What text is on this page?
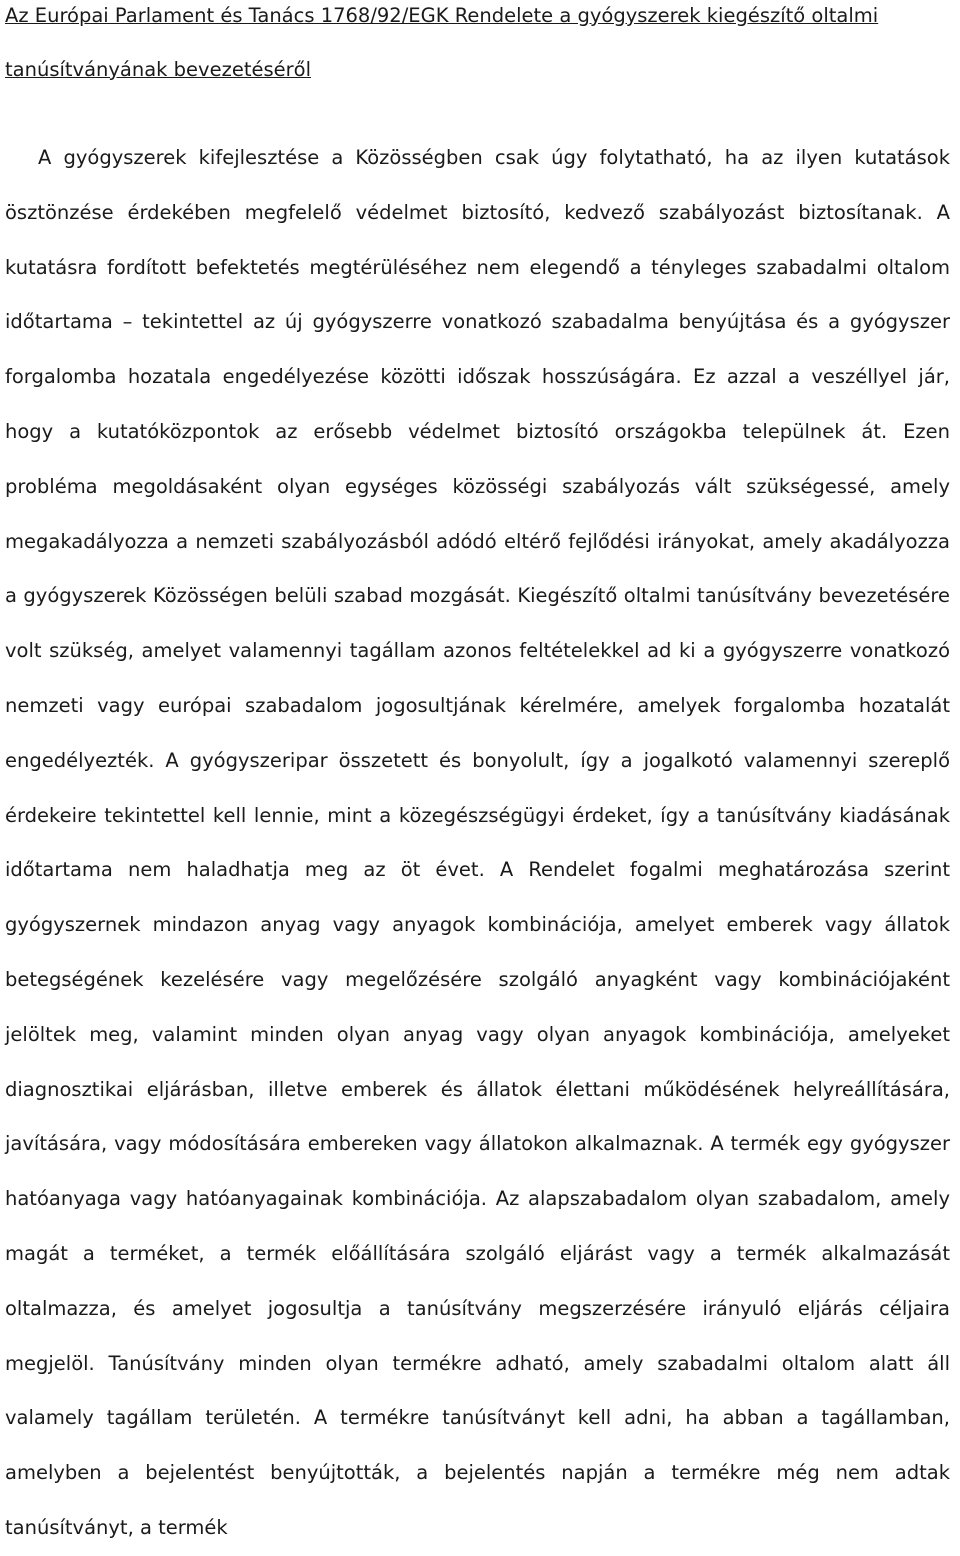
Az Európai Parlament és Tanács 1768/92/EGK Rendelete a gyógyszerek kiegészítő oltalmi
tanúsítványának bevezetéséről

A gyógyszerek kifejlesztése a Közösségben csak úgy folytatható, ha az ilyen kutatások ösztönzése érdekében megfelelő védelmet biztosító, kedvező szabályozást biztosítanak. A kutatásra fordított befektetés megtérüléséhez nem elegendő a tényleges szabadalmi oltalom időtartama – tekintettel az új gyógyszerre vonatkozó szabadalma benyújtása és a gyógyszer forgalomba hozatala engedélyezése közötti időszak hosszúságára. Ez azzal a veszéllyel jár, hogy a kutatóközpontok az erősebb védelmet biztosító országokba települnek át. Ezen probléma megoldásaként olyan egységes közösségi szabályozás vált szükségessé, amely megakadályozza a nemzeti szabályozásból adódó eltérő fejlődési irányokat, amely akadályozza a gyógyszerek Közösségen belüli szabad mozgását. Kiegészítő oltalmi tanúsítvány bevezetésére volt szükség, amelyet valamennyi tagállam azonos feltételekkel ad ki a gyógyszerre vonatkozó nemzeti vagy európai szabadalom jogosultjának kérelmére, amelyek forgalomba hozatalát engedélyezték. A gyógyszeripar összetett és bonyolult, így a jogalkotó valamennyi szereplő érdekeire tekintettel kell lennie, mint a közegészségügyi érdeket, így a tanúsítvány kiadásának időtartama nem haladhatja meg az öt évet. A Rendelet fogalmi meghatározása szerint gyógyszernek mindazon anyag vagy anyagok kombinációja, amelyet emberek vagy állatok betegségének kezelésére vagy megelőzésére szolgáló anyagként vagy kombinációjaként jelöltek meg, valamint minden olyan anyag vagy olyan anyagok kombinációja, amelyeket diagnosztikai eljárásban, illetve emberek és állatok élettani működésének helyreállítására, javítására, vagy módosítására embereken vagy állatokon alkalmaznak. A termék egy gyógyszer hatóanyaga vagy hatóanyagainak kombinációja. Az alapszabadalom olyan szabadalom, amely magát a terméket, a termék előállítására szolgáló eljárást vagy a termék alkalmazását oltalmazza, és amelyet jogosultja a tanúsítvány megszerzésére irányuló eljárás céljaira megjelöl. Tanúsítvány minden olyan termékre adható, amely szabadalmi oltalom alatt áll valamely tagállam területén. A termékre tanúsítványt kell adni, ha abban a tagállamban, amelyben a bejelentést benyújtották, a bejelentés napján a termékre még nem adtak tanúsítványt, a termék
